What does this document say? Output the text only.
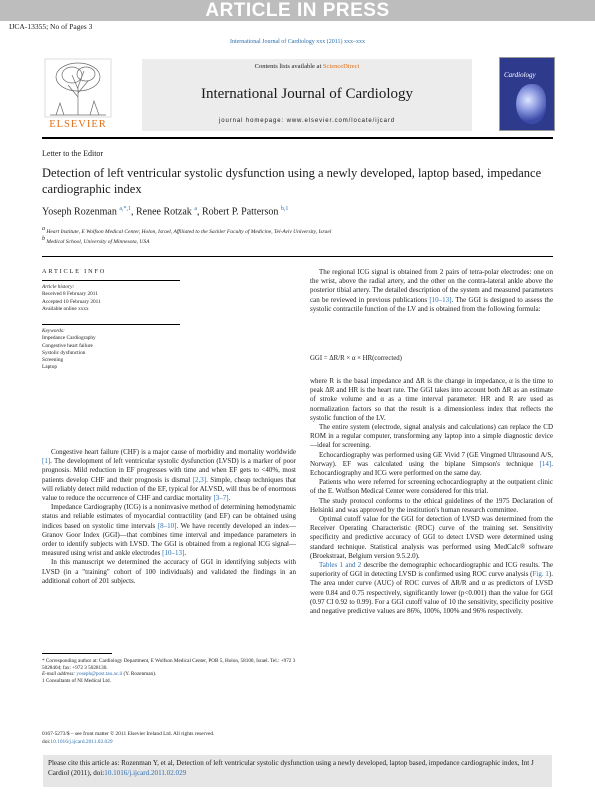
ARTICLE IN PRESS
IJCA-13355; No of Pages 3
International Journal of Cardiology xxx (2011) xxx–xxx
ELSEVIER
Contents lists available at ScienceDirect
International Journal of Cardiology
journal homepage: www.elsevier.com/locate/ijcard
Cardiology
Letter to the Editor
Detection of left ventricular systolic dysfunction using a newly developed, laptop based, impedance cardiographic index
Yoseph Rozenman $^{a,*,1}$, Renee Rotzak $^a$, Robert P. Patterson $^{b,1}$
$^a$ Heart Institute, E Wolfson Medical Center, Holon, Israel, Affiliated to the Sackler Faculty of Medicine, Tel-Aviv University, Israel
$^b$ Medical School, University of Minnesota, USA
ARTICLE INFO
Article history:
Received 8 February 2011
Accepted 10 February 2011
Available online xxxx
Keywords:
Impedance Cardiography
Congestive heart failure
Systolic dysfunction
Screening
Laptop

Congestive heart failure (CHF) is a major cause of morbidity and mortality worldwide [1]. The development of left ventricular systolic dysfunction (LVSD) is a marker of poor prognosis. Mild reduction in EF progresses with time and when EF gets to <40%, most patients develop CHF and their prognosis is dismal [2,3]. Simple, cheap techniques that will reliably detect mild reduction of the EF, typical for ALVSD, will thus be of enormous value to reduce the occurrence of CHF and cardiac mortality [3–7].

Impedance Cardiography (ICG) is a noninvasive method of determining hemodynamic status and reliable estimates of myocardial contractility (and EF) can be obtained using indices based on systolic time intervals [8–10]. We have recently developed an index—Granov Goor Index (GGI)—that combines time interval and impedance parameters in order to identify subjects with LVSD. The GGI is obtained from a regional ICG signal—measured using wrist and ankle electrodes [10–13].

In this manuscript we determined the accuracy of GGI in identifying subjects with LVSD (in a "training" cohort of 100 individuals) and validated the findings in an additional cohort of 201 subjects.

The regional ICG signal is obtained from 2 pairs of tetra-polar electrodes: one on the wrist, above the radial artery, and the other on the contra-lateral ankle above the posterior tibial artery. The detailed description of the system and measured parameters can be reviewed in previous publications [10–13]. The GGI is designed to assess the systolic contractile function of the LV and is obtained from the following formula:

GGI = ΔR/R × α × HR(corrected)

where R is the basal impedance and ΔR is the change in impedance, α is the time to peak ΔR and HR is the heart rate. The GGI takes into account both ΔR as an estimate of stroke volume and α as a time interval parameter. HR and R are used as normalization factors so that the result is a dimensionless index that reflects the systolic function of the LV.

The entire system (electrode, signal analysis and calculations) can replace the CD ROM in a regular computer, transforming any laptop into a simple diagnostic device—ideal for screening.

Echocardiography was performed using GE Vivid 7 (GE Vingmed Ultrasound A/S, Norway). EF was calculated using the biplane Simpson's technique [14]. Echocardiography and ICG were performed on the same day.

Patients who were referred for screening echocardiography at the outpatient clinic of the E. Wolfson Medical Center were considered for this trial.

The study protocol conforms to the ethical guidelines of the 1975 Declaration of Helsinki and was approved by the institution's human research committee.

Optimal cutoff value for the GGI for detection of LVSD was determined from the Receiver Operating Characteristic (ROC) curve of the training set. Sensitivity specificity and predictive accuracy of GGI to detect LVSD were determined using standard technique. Statistical analysis was performed using MedCalc® software (Broekstraat, Belgium version 9.5.2.0).

Tables 1 and 2 describe the demographic echocardiographic and ICG results. The superiority of GGI in detecting LVSD is confirmed using ROC curve analysis (Fig. 1). The area under curve (AUC) of ROC curves of ΔR/R and α as predictors of LVSD were 0.84 and 0.75 respectively, significantly lower (p<0.001) than the value for GGI (0.97 CI 0.92 to 0.99). For a GGI cutoff value of 10 the sensitivity, specificity positive and negative predictive values are 86%, 100%, 100% and 96% respectively.

* Corresponding author at: Cardiology Department, E Wolfson Medical Center, POB 5, Holon, 58100, Israel. Tel.: +972 3 5028404; fax: +972 3 5028130.
E-mail address: yoseph@post.tau.ac.il (Y. Rozenman).
1 Consultants of NI Medical Ltd.
0167-5273/$ – see front matter © 2011 Elsevier Ireland Ltd. All rights reserved.
doi:10.1016/j.ijcard.2011.02.029
Please cite this article as: Rozenman Y, et al, Detection of left ventricular systolic dysfunction using a newly developed, laptop based, impedance cardiographic index, Int J Cardiol (2011), doi:10.1016/j.ijcard.2011.02.029
